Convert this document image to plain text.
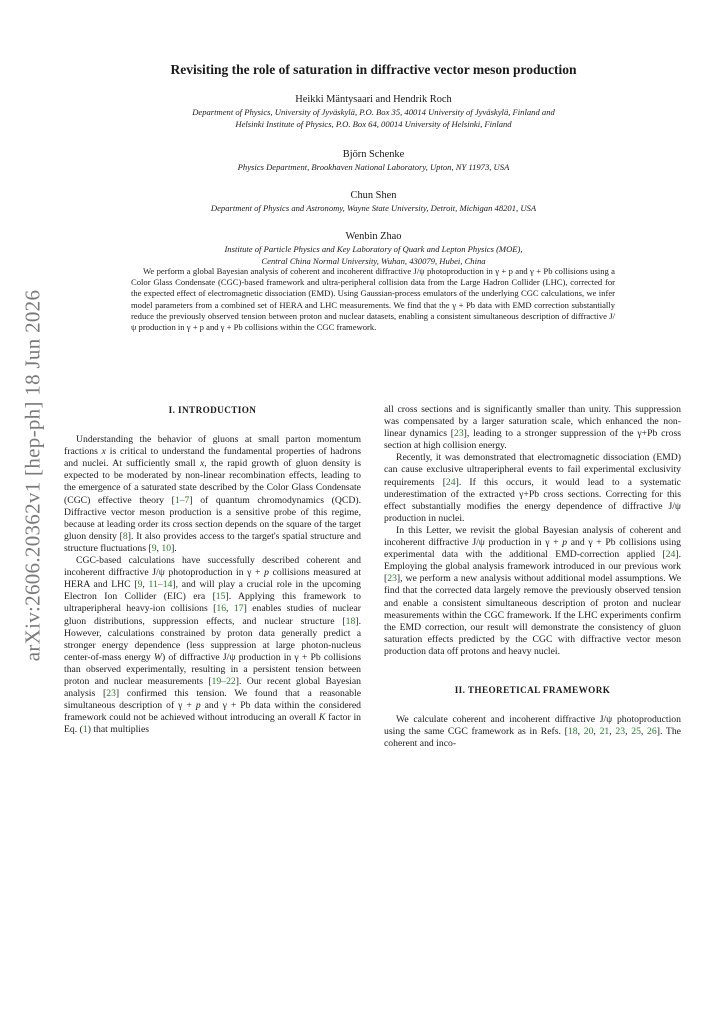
arXiv:2606.20362v1 [hep-ph] 18 Jun 2026
Revisiting the role of saturation in diffractive vector meson production
Heikki Mäntysaari and Hendrik Roch
Department of Physics, University of Jyväskylä, P.O. Box 35, 40014 University of Jyväskylä, Finland and
Helsinki Institute of Physics, P.O. Box 64, 00014 University of Helsinki, Finland
Björn Schenke
Physics Department, Brookhaven National Laboratory, Upton, NY 11973, USA
Chun Shen
Department of Physics and Astronomy, Wayne State University, Detroit, Michigan 48201, USA
Wenbin Zhao
Institute of Particle Physics and Key Laboratory of Quark and Lepton Physics (MOE),
Central China Normal University, Wuhan, 430079, Hubei, China
We perform a global Bayesian analysis of coherent and incoherent diffractive J/ψ photoproduction in γ + p and γ + Pb collisions using a Color Glass Condensate (CGC)-based framework and ultra-peripheral collision data from the Large Hadron Collider (LHC), corrected for the expected effect of electromagnetic dissociation (EMD). Using Gaussian-process emulators of the underlying CGC calculations, we infer model parameters from a combined set of HERA and LHC measurements. We find that the γ + Pb data with EMD correction substantially reduce the previously observed tension between proton and nuclear datasets, enabling a consistent simultaneous description of diffractive J/ψ production in γ + p and γ + Pb collisions within the CGC framework.
I. INTRODUCTION

Understanding the behavior of gluons at small parton momentum fractions x is critical to understand the fundamental properties of hadrons and nuclei. At sufficiently small x, the rapid growth of gluon density is expected to be moderated by non-linear recombination effects, leading to the emergence of a saturated state described by the Color Glass Condensate (CGC) effective theory [1–7] of quantum chromodynamics (QCD). Diffractive vector meson production is a sensitive probe of this regime, because at leading order its cross section depends on the square of the target gluon density [8]. It also provides access to the target's spatial structure and structure fluctuations [9, 10].

CGC-based calculations have successfully described coherent and incoherent diffractive J/ψ photoproduction in γ + p collisions measured at HERA and LHC [9, 11–14], and will play a crucial role in the upcoming Electron Ion Collider (EIC) era [15]. Applying this framework to ultraperipheral heavy-ion collisions [16, 17] enables studies of nuclear gluon distributions, suppression effects, and nuclear structure [18]. However, calculations constrained by proton data generally predict a stronger energy dependence (less suppression at large photon-nucleus center-of-mass energy W) of diffractive J/ψ production in γ + Pb collisions than observed experimentally, resulting in a persistent tension between proton and nuclear measurements [19–22]. Our recent global Bayesian analysis [23] confirmed this tension. We found that a reasonable simultaneous description of γ + p and γ + Pb data within the considered framework could not be achieved without introducing an overall K factor in Eq. (1) that multiplies

all cross sections and is significantly smaller than unity. This suppression was compensated by a larger saturation scale, which enhanced the non-linear dynamics [23], leading to a stronger suppression of the γ+Pb cross section at high collision energy.

Recently, it was demonstrated that electromagnetic dissociation (EMD) can cause exclusive ultraperipheral events to fail experimental exclusivity requirements [24]. If this occurs, it would lead to a systematic underestimation of the extracted γ+Pb cross sections. Correcting for this effect substantially modifies the energy dependence of diffractive J/ψ production in nuclei.

In this Letter, we revisit the global Bayesian analysis of coherent and incoherent diffractive J/ψ production in γ + p and γ + Pb collisions using experimental data with the additional EMD-correction applied [24]. Employing the global analysis framework introduced in our previous work [23], we perform a new analysis without additional model assumptions. We find that the corrected data largely remove the previously observed tension and enable a consistent simultaneous description of proton and nuclear measurements within the CGC framework. If the LHC experiments confirm the EMD correction, our result will demonstrate the consistency of gluon saturation effects predicted by the CGC with diffractive vector meson production data off protons and heavy nuclei.

II. THEORETICAL FRAMEWORK

We calculate coherent and incoherent diffractive J/ψ photoproduction using the same CGC framework as in Refs. [18, 20, 21, 23, 25, 26]. The coherent and inco-
